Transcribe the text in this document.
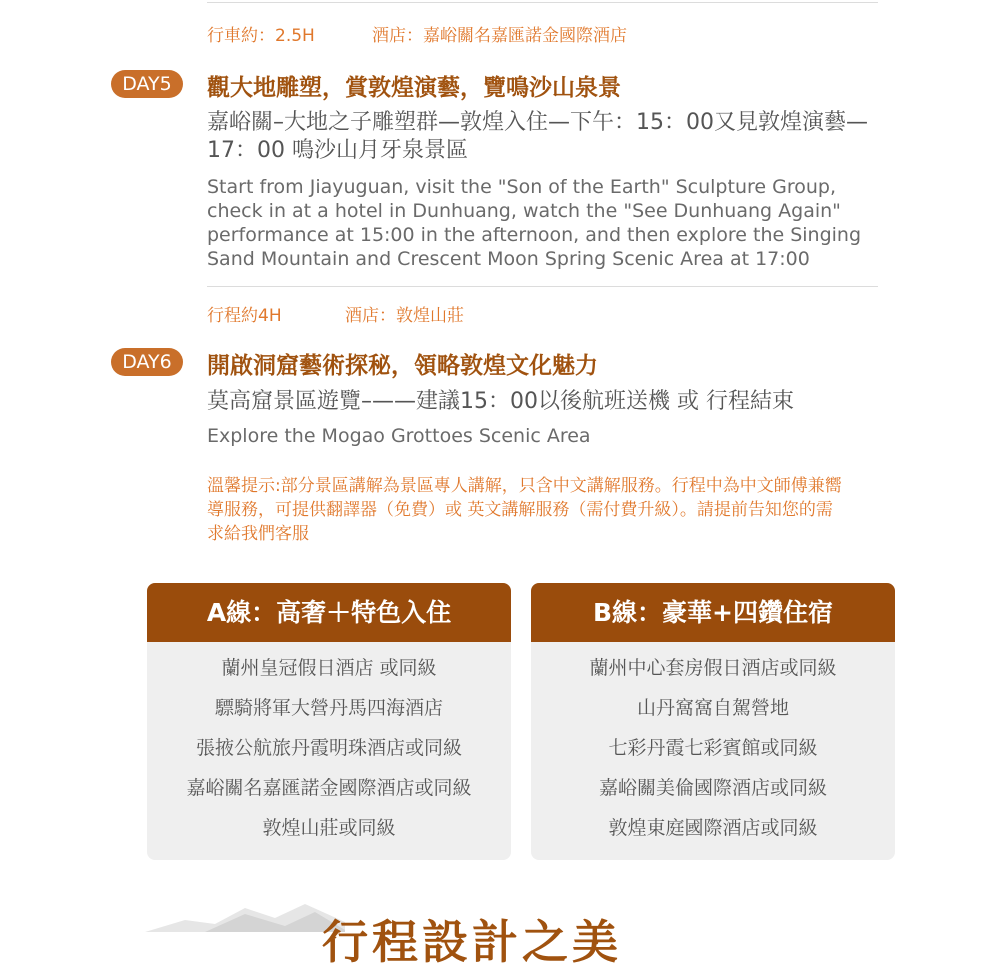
行車約：2.5H	酒店：嘉峪關名嘉匯諾金國際酒店
DAY5	觀大地雕塑，賞敦煌演藝，覽鳴沙山泉景
嘉峪關–大地之子雕塑群—敦煌入住—下午：15：00又見敦煌演藝—17：00 鳴沙山月牙泉景區
Start from Jiayuguan, visit the "Son of the Earth" Sculpture Group, check in at a hotel in Dunhuang, watch the "See Dunhuang Again" performance at 15:00 in the afternoon, and then explore the Singing Sand Mountain and Crescent Moon Spring Scenic Area at 17:00
行程約4H	酒店：敦煌山莊
DAY6	開啟洞窟藝術探秘，領略敦煌文化魅力
莫高窟景區遊覽–——建議15：00以後航班送機 或 行程結束
Explore the Mogao Grottoes Scenic Area
溫馨提示:部分景區講解為景區專人講解，只含中文講解服務。行程中為中文師傅兼嚮導服務，可提供翻譯器（免費）或 英文講解服務（需付費升級）。請提前告知您的需求給我們客服
A線：高奢＋特色入住
蘭州皇冠假日酒店 或同級
驃騎將軍大營丹馬四海酒店
張掖公航旅丹霞明珠酒店或同級
嘉峪關名嘉匯諾金國際酒店或同級
敦煌山莊或同級
B線：豪華+四鑽住宿
蘭州中心套房假日酒店或同級
山丹窩窩自駕營地
七彩丹霞七彩賓館或同級
嘉峪關美倫國際酒店或同級
敦煌東庭國際酒店或同級
行程設計之美
